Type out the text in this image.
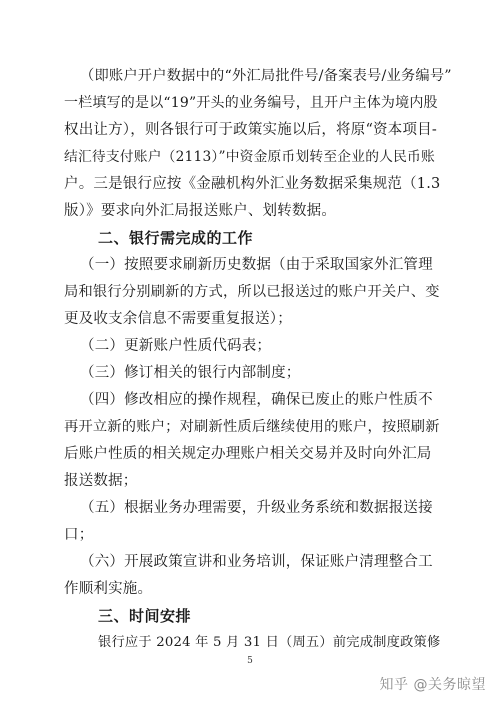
（即账户开户数据中的“外汇局批件号/备案表号/业务编号”
一栏填写的是以“19”开头的业务编号，且开户主体为境内股
权出让方），则各银行可于政策实施以后，将原“资本项目-
结汇待支付账户（2113）”中资金原币划转至企业的人民币账
户。三是银行应按《金融机构外汇业务数据采集规范（1.3
版）》要求向外汇局报送账户、划转数据。
二、银行需完成的工作
（一）按照要求刷新历史数据（由于采取国家外汇管理
局和银行分别刷新的方式，所以已报送过的账户开关户、变
更及收支余信息不需要重复报送）；
（二）更新账户性质代码表；
（三）修订相关的银行内部制度；
（四）修改相应的操作规程，确保已废止的账户性质不
再开立新的账户；对刷新性质后继续使用的账户，按照刷新
后账户性质的相关规定办理账户相关交易并及时向外汇局
报送数据；
（五）根据业务办理需要，升级业务系统和数据报送接
口；
（六）开展政策宣讲和业务培训，保证账户清理整合工
作顺利实施。
三、时间安排
银行应于 2024 年 5 月 31 日（周五）前完成制度政策修
5
知乎 @关务晾望
